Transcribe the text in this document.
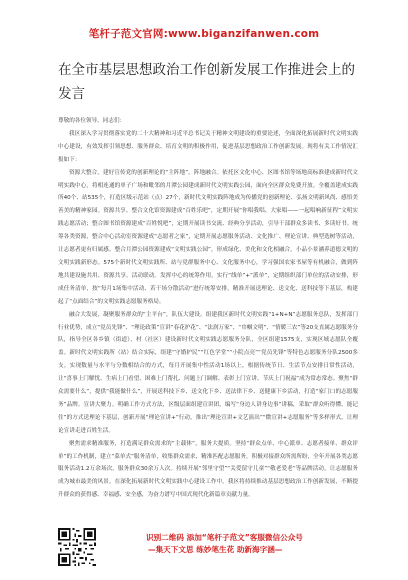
笔杆子范文官网:www.biganzifanwen.com
在全市基层思想政治工作创新发展工作推进会上的发言

尊敬的各位领导、同志们：

我区深入学习贯彻落实党的二十大精神和习近平总书记关于精神文明建设的重要论述，全面深化拓展新时代文明实践中心建设，有效发挥引领思想、服务群众、培育文明的积极作用，促进基层思想政治工作创新发展。现将有关工作情况汇报如下：

资源大整合，建好宣传党的创新理论的“主阵地”，阵地融合。依托区文化中心、区图书馆等场地高标准建成新时代文明实践中心，将相连通的单子广场和毗邻的月潭公园建成新时代文明实践公园，面向全区群众免费开放。全覆盖建成实践所40个、站535个，打造区级示范站（点）27个，新时代文明实践阵地成为传播党的创新理论、弘扬文明新风尚、感悟美善美的精神家园。资源共享。整合文化馆资源建成“百姓乐吧”，定期开展“你唱我唱、大家唱——一起唱响新征程”文明实践志愿活动；整合图书馆资源建成“百姓悦吧”，定期开展读书交流、经典分享活动，引导干部群众多读书、多读好书。统筹各类资源，整合中心活动室资源建成“志愿者之家”，定期开展志愿服务活动、文化推广、理论宣讲、典型选树等活动，让志愿者更有归属感。整合月潭公园资源建成“文明实践公园”，形成绿化、美化和文化相融合，小品小景涵养道德文明的文明实践新形态。575个新时代文明实践所、站与党群服务中心、文化服务中心，学习强国农家书屋等有机融合，做到阵地共建设施共用、资源共享。活动联动。发挥中心的统筹作用，实行“线单”+“派单”，定期组织部门单位的活动安排，形成任务清单，按“每月1场集中活动、若干场分散活动”进行统筹安排，精准开展送理论、送文化、送科技等下基层，构建起了“点面结合”的文明实践志愿服务格局。

融合大发展，凝聚服务群众的“主平台”，队伍大建设。组建我区新时代文明实践“1+N+N”志愿服务总队，发挥部门行业优势，成立“党员先锋”、“理论政策”宣讲“春花护花”、“法润万家”、“巾帼文明”、“情暖三农”等20支直属志愿服务分队，指导全区各乡镇（街道）、村（社区）建设新时代文明实践志愿服务分队，全区组建1575支，实现区域志愿队全覆盖。新时代文明实践所（站）结合实际，组建“守婚护民”“红色学堂”“小院点亮”“党员先锋”等特色志愿服务分队2500多支。实现数量与水平与分数相结合的方式，每月开展集中性活动1场以上，根据传统节日、生活节点安排日常性活动，让“喜事上门解忧、生病上门看望、困难上门帮扎、问题上门调解、表彰上门宣讲、节庆上门祝福”成为常态常态。聚焦“群众需要什么”，提供“我能做什么”，开展送科技下乡、送文化下乡、送法律下乡、送健康下乡活动，打造“家门口的志愿服务”品牌。宣讲大聚力。明确工作方式方法，区级层面组建宣讲团，编写“身边人讲身边事”讲稿，采取“群众听得懂、能记住”的方式送理论下基层，创新开展“理论宣讲+”行动，推出“理论宣讲+文艺演出”“微宣讲+志愿服务”等多样形式，让理论宣讲走进百姓生活。

聚焦需求精准服务，打造满足群众需求的“主载体”，服务大提质。坚持“群众点单、中心派单、志愿者接单、群众评单”的工作机制，建立“菜单式”服务清单，收集群众需求，精准匹配志愿服务，积极对接群众所需所盼，全年开展各类志愿服务活动1.2万余场次，服务群众30余万人次。持续开展“邻里守望”“关爱留守儿童”“敬老爱老”等品牌活动，让志愿服务成为城市最美的风景。在深化拓展新时代文明实践中心建设工作中，我区将持续推动基层思想政治工作创新发展，不断提升群众的获得感、幸福感、安全感，为奋力谱写中国式现代化新篇章贡献力量。

识别二维码 添加“笔杆子范文”客服微信公众号
—集天下文思 练妙笔生花 助新海字涵—
